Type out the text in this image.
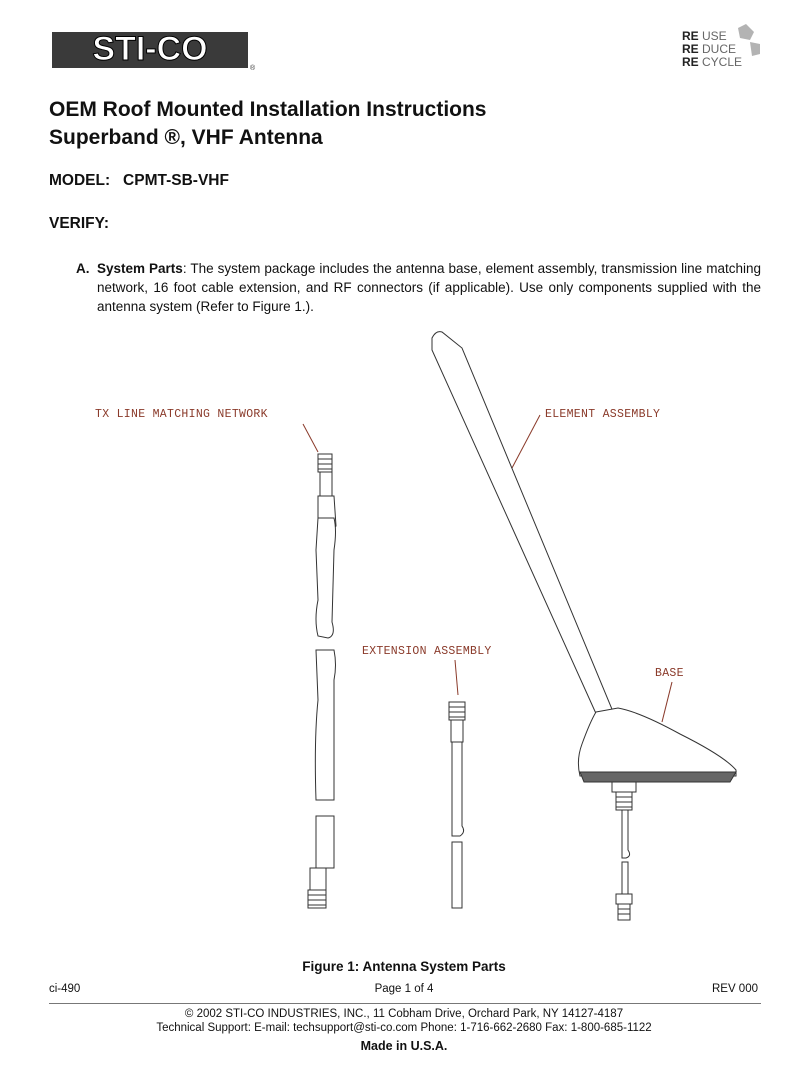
STI-CO
®
RE USE
RE DUCE
RE CYCLE
OEM Roof Mounted Installation Instructions
Superband ®, VHF Antenna
MODEL:   CPMT-SB-VHF
VERIFY:
A. System Parts: The system package includes the antenna base, element assembly, transmission line matching network, 16 foot cable extension, and RF connectors (if applicable). Use only components supplied with the antenna system (Refer to Figure 1.).
TX LINE MATCHING NETWORK	ELEMENT ASSEMBLY
EXTENSION ASSEMBLY
BASE
Figure 1: Antenna System Parts
ci-490	Page 1 of 4	REV 000
© 2002 STI-CO INDUSTRIES, INC., 11 Cobham Drive, Orchard Park, NY 14127-4187
Technical Support: E-mail: techsupport@sti-co.com Phone: 1-716-662-2680 Fax: 1-800-685-1122
Made in U.S.A.
